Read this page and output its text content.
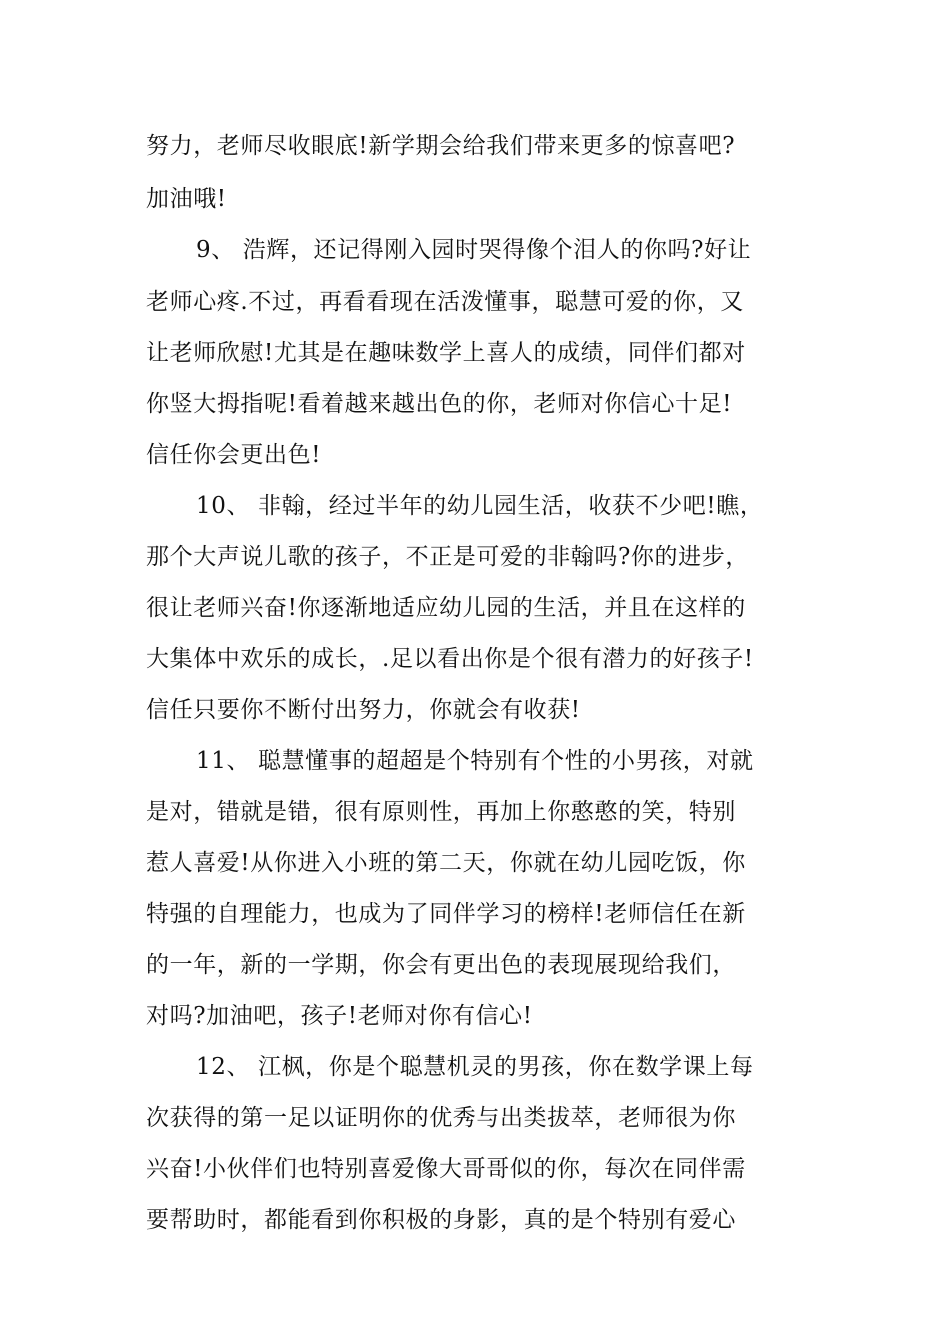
努力，老师尽收眼底!新学期会给我们带来更多的惊喜吧?
加油哦!
9、 浩辉，还记得刚入园时哭得像个泪人的你吗?好让
老师心疼.不过，再看看现在活泼懂事，聪慧可爱的你，又
让老师欣慰!尤其是在趣味数学上喜人的成绩，同伴们都对
你竖大拇指呢!看着越来越出色的你，老师对你信心十足!
信任你会更出色!
10、 非翰，经过半年的幼儿园生活，收获不少吧!瞧，
那个大声说儿歌的孩子，不正是可爱的非翰吗?你的进步，
很让老师兴奋!你逐渐地适应幼儿园的生活，并且在这样的
大集体中欢乐的成长，.足以看出你是个很有潜力的好孩子!
信任只要你不断付出努力，你就会有收获!
11、 聪慧懂事的超超是个特别有个性的小男孩，对就
是对，错就是错，很有原则性，再加上你憨憨的笑，特别
惹人喜爱!从你进入小班的第二天，你就在幼儿园吃饭，你
特强的自理能力，也成为了同伴学习的榜样!老师信任在新
的一年，新的一学期，你会有更出色的表现展现给我们，
对吗?加油吧，孩子!老师对你有信心!
12、 江枫，你是个聪慧机灵的男孩，你在数学课上每
次获得的第一足以证明你的优秀与出类拔萃，老师很为你
兴奋!小伙伴们也特别喜爱像大哥哥似的你，每次在同伴需
要帮助时，都能看到你积极的身影，真的是个特别有爱心
